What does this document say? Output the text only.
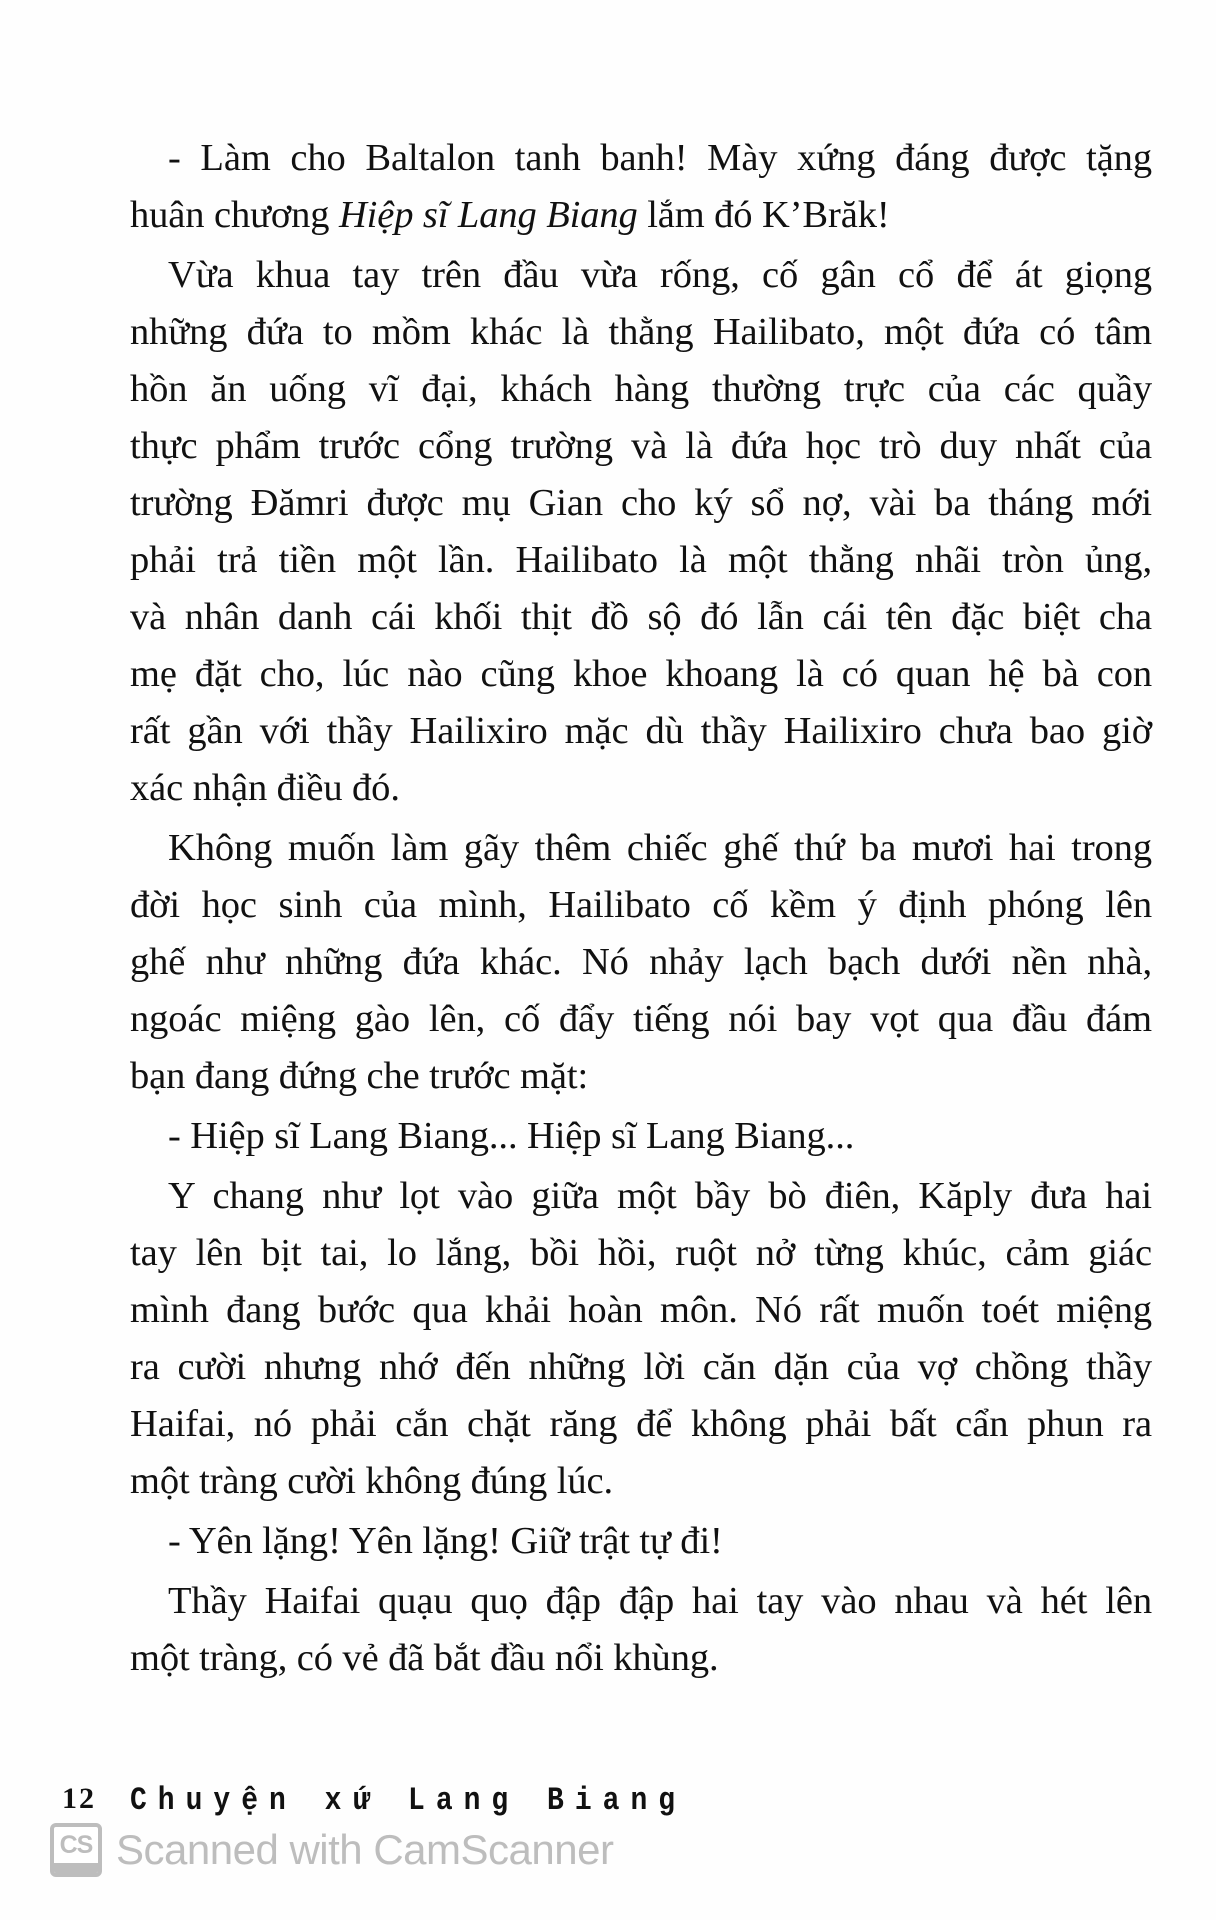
- Làm cho Baltalon tanh banh! Mày xứng đáng được tặng
huân chương Hiệp sĩ Lang Biang lắm đó K’Brăk!
Vừa khua tay trên đầu vừa rống, cố gân cổ để át giọng
những đứa to mồm khác là thằng Hailibato, một đứa có tâm
hồn ăn uống vĩ đại, khách hàng thường trực của các quầy
thực phẩm trước cổng trường và là đứa học trò duy nhất của
trường Đămri được mụ Gian cho ký sổ nợ, vài ba tháng mới
phải trả tiền một lần. Hailibato là một thằng nhãi tròn ủng,
và nhân danh cái khối thịt đồ sộ đó lẫn cái tên đặc biệt cha
mẹ đặt cho, lúc nào cũng khoe khoang là có quan hệ bà con
rất gần với thầy Hailixiro mặc dù thầy Hailixiro chưa bao giờ
xác nhận điều đó.
Không muốn làm gãy thêm chiếc ghế thứ ba mươi hai trong
đời học sinh của mình, Hailibato cố kềm ý định phóng lên
ghế như những đứa khác. Nó nhảy lạch bạch dưới nền nhà,
ngoác miệng gào lên, cố đẩy tiếng nói bay vọt qua đầu đám
bạn đang đứng che trước mặt:
- Hiệp sĩ Lang Biang... Hiệp sĩ Lang Biang...
Y chang như lọt vào giữa một bầy bò điên, Kăply đưa hai
tay lên bịt tai, lo lắng, bồi hồi, ruột nở từng khúc, cảm giác
mình đang bước qua khải hoàn môn. Nó rất muốn toét miệng
ra cười nhưng nhớ đến những lời căn dặn của vợ chồng thầy
Haifai, nó phải cắn chặt răng để không phải bất cẩn phun ra
một tràng cười không đúng lúc.
- Yên lặng! Yên lặng! Giữ trật tự đi!
Thầy Haifai quạu quọ đập đập hai tay vào nhau và hét lên
một tràng, có vẻ đã bắt đầu nổi khùng.
12 Chuyện xứ Lang Biang
CS Scanned with CamScanner
